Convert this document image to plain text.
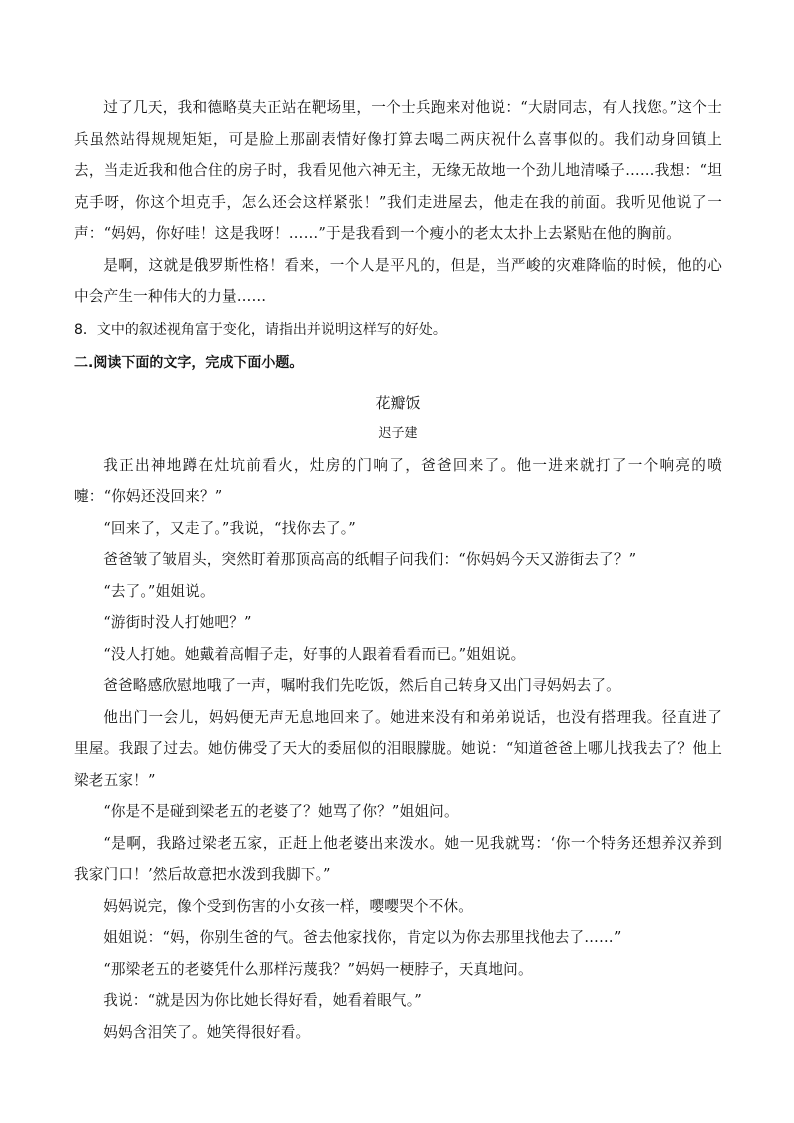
过了几天，我和德略莫夫正站在靶场里，一个士兵跑来对他说：“大尉同志，有人找您。”这个士兵虽然站得规规矩矩，可是脸上那副表情好像打算去喝二两庆祝什么喜事似的。我们动身回镇上去，当走近我和他合住的房子时，我看见他六神无主，无缘无故地一个劲儿地清嗓子……我想：“坦克手呀，你这个坦克手，怎么还会这样紧张！”我们走进屋去，他走在我的前面。我听见他说了一声：“妈妈，你好哇！这是我呀！……”于是我看到一个瘦小的老太太扑上去紧贴在他的胸前。

是啊，这就是俄罗斯性格！看来，一个人是平凡的，但是，当严峻的灾难降临的时候，他的心中会产生一种伟大的力量……

8．文中的叙述视角富于变化，请指出并说明这样写的好处。

二.阅读下面的文字，完成下面小题。

花瓣饭

迟子建

我正出神地蹲在灶坑前看火，灶房的门响了，爸爸回来了。他一进来就打了一个响亮的喷嚏：“你妈还没回来？”

“回来了，又走了。”我说，“找你去了。”

爸爸皱了皱眉头，突然盯着那顶高高的纸帽子问我们：“你妈妈今天又游街去了？”

“去了。”姐姐说。

“游街时没人打她吧？”

“没人打她。她戴着高帽子走，好事的人跟着看看而已。”姐姐说。

爸爸略感欣慰地哦了一声，嘱咐我们先吃饭，然后自己转身又出门寻妈妈去了。

他出门一会儿，妈妈便无声无息地回来了。她进来没有和弟弟说话，也没有搭理我。径直进了里屋。我跟了过去。她仿佛受了天大的委屈似的泪眼朦胧。她说：“知道爸爸上哪儿找我去了？他上梁老五家！”

“你是不是碰到梁老五的老婆了？她骂了你？”姐姐问。

“是啊，我路过梁老五家，正赶上他老婆出来泼水。她一见我就骂：‘你一个特务还想养汉养到我家门口！’然后故意把水泼到我脚下。”

妈妈说完，像个受到伤害的小女孩一样，嘤嘤哭个不休。

姐姐说：“妈，你别生爸的气。爸去他家找你，肯定以为你去那里找他去了……”

“那梁老五的老婆凭什么那样污蔑我？”妈妈一梗脖子，天真地问。

我说：“就是因为你比她长得好看，她看着眼气。”

妈妈含泪笑了。她笑得很好看。
